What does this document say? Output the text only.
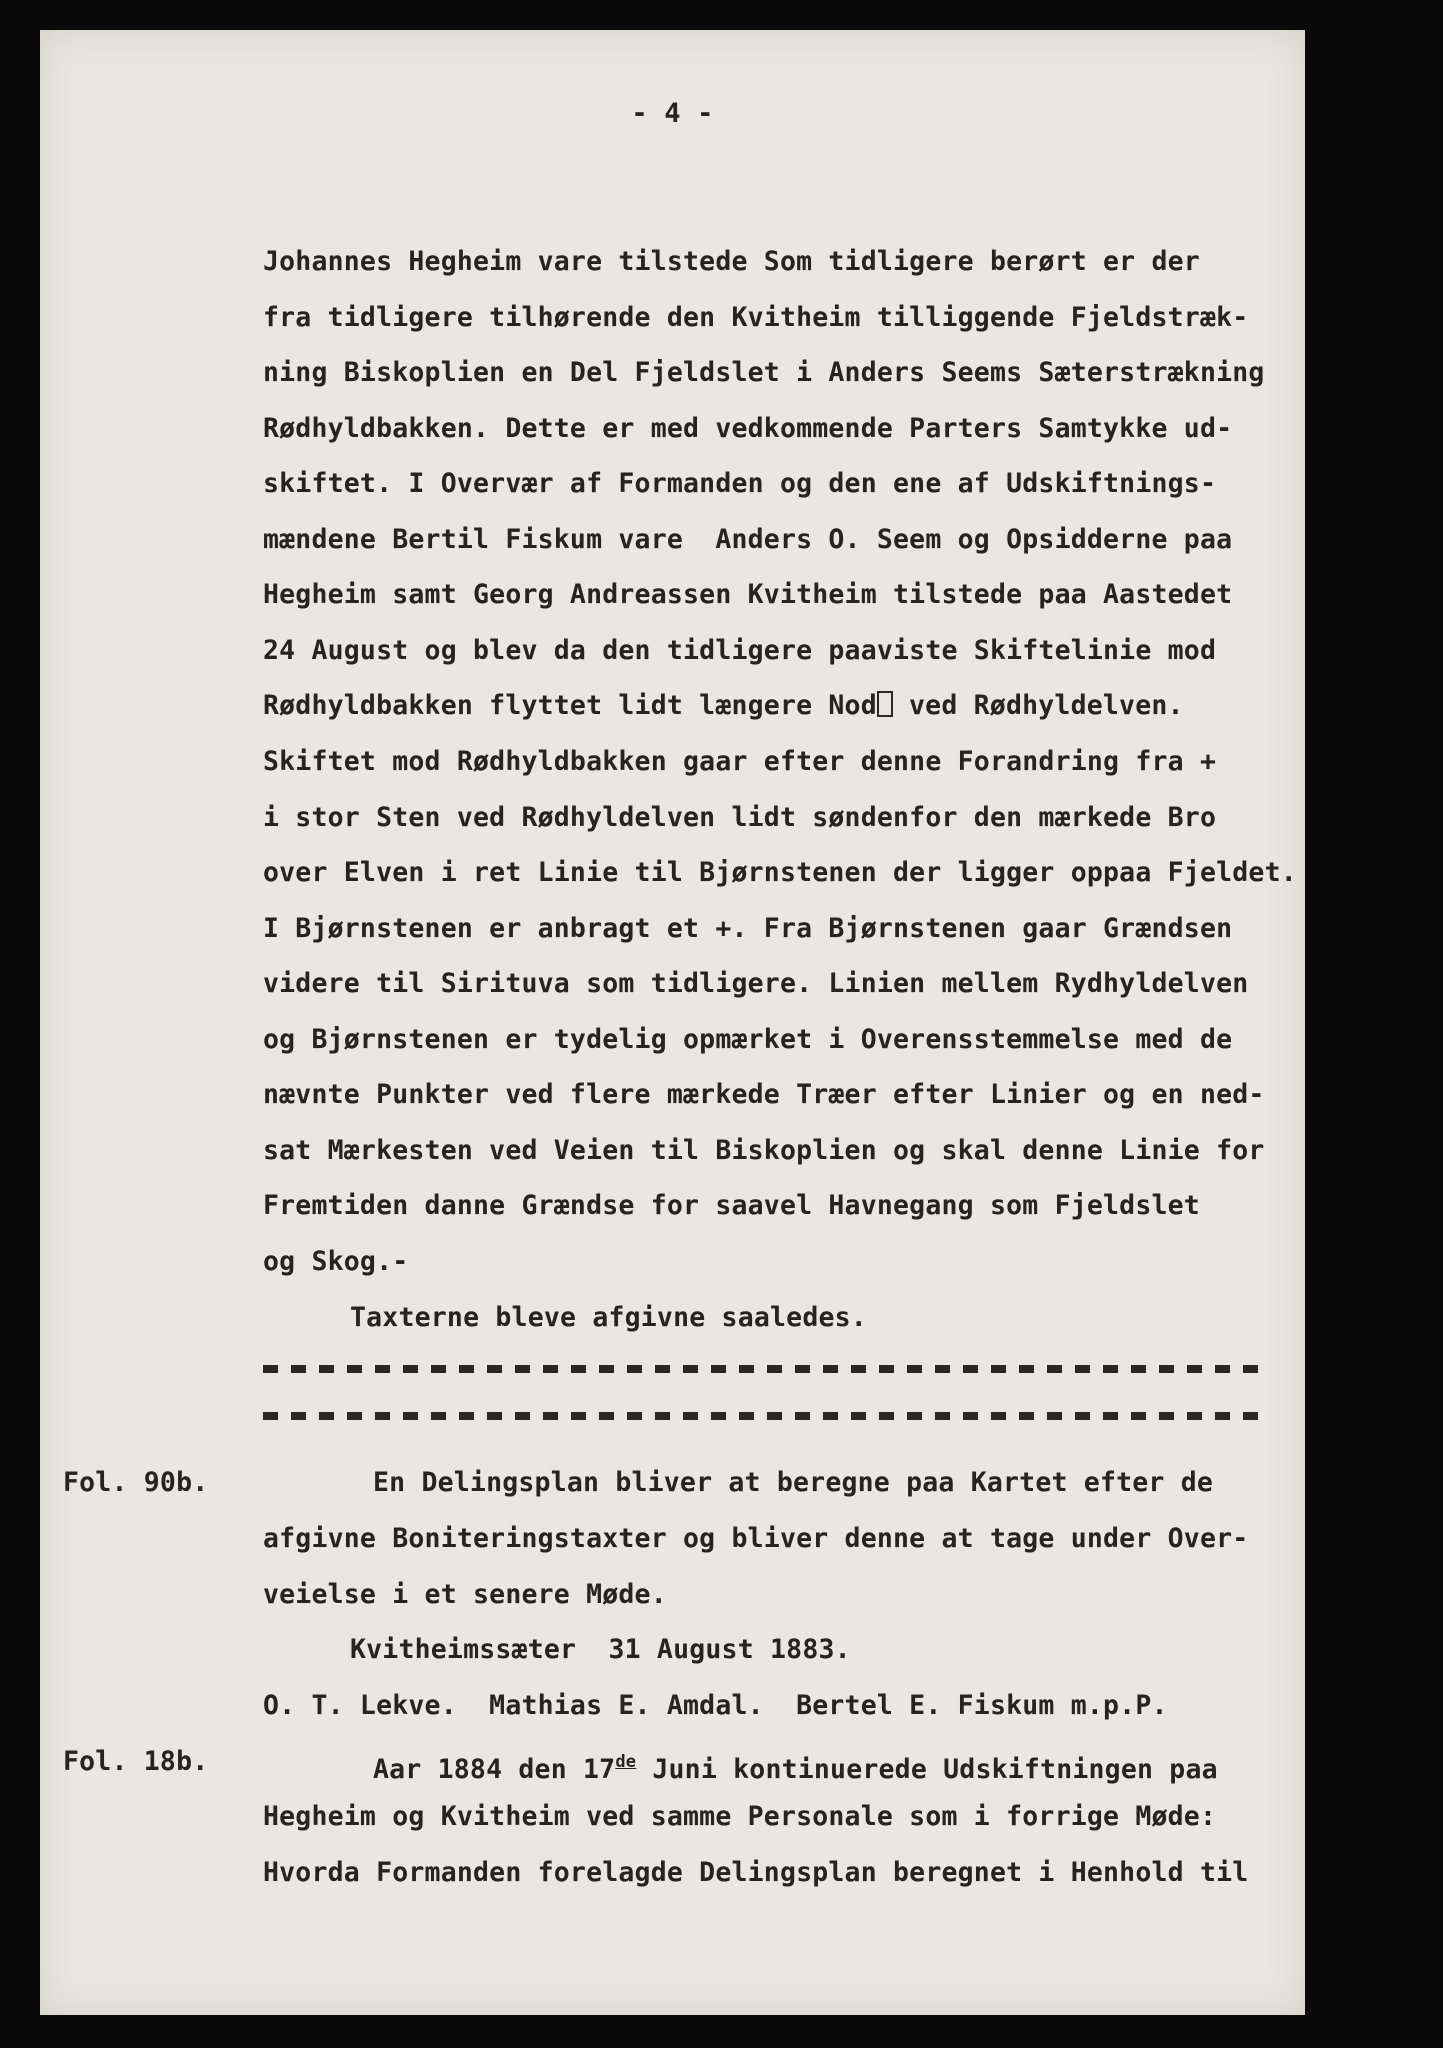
- 4 -
Johannes Hegheim vare tilstede Som tidligere berørt er der
fra tidligere tilhørende den Kvitheim tilliggende Fjeldstræk-
ning Biskoplien en Del Fjeldslet i Anders Seems Sæterstrækning
Rødhyldbakken. Dette er med vedkommende Parters Samtykke ud-
skiftet. I Overvær af Formanden og den ene af Udskiftnings-
mændene Bertil Fiskum vare  Anders O. Seem og Opsidderne paa
Hegheim samt Georg Andreassen Kvitheim tilstede paa Aastedet
24 August og blev da den tidligere paaviste Skiftelinie mod
Rødhyldbakken flyttet lidt længere Nod ved Rødhyldelven.
Skiftet mod Rødhyldbakken gaar efter denne Forandring fra +
i stor Sten ved Rødhyldelven lidt søndenfor den mærkede Bro
over Elven i ret Linie til Bjørnstenen der ligger oppaa Fjeldet.
I Bjørnstenen er anbragt et +. Fra Bjørnstenen gaar Grændsen
videre til Sirituva som tidligere. Linien mellem Rydhyldelven
og Bjørnstenen er tydelig opmærket i Overensstemmelse med de
nævnte Punkter ved flere mærkede Træer efter Linier og en ned-
sat Mærkesten ved Veien til Biskoplien og skal denne Linie for
Fremtiden danne Grændse for saavel Havnegang som Fjeldslet
og Skog.-
Taxterne bleve afgivne saaledes.
Fol. 90b.	En Delingsplan bliver at beregne paa Kartet efter de
afgivne Boniteringstaxter og bliver denne at tage under Over-
veielse i et senere Møde.
Kvitheimssæter  31 August 1883.
O. T. Lekve.  Mathias E. Amdal.  Bertel E. Fiskum m.p.P.
Fol. 18b.	Aar 1884 den 17de Juni kontinuerede Udskiftningen paa
Hegheim og Kvitheim ved samme Personale som i forrige Møde:
Hvorda Formanden forelagde Delingsplan beregnet i Henhold til
